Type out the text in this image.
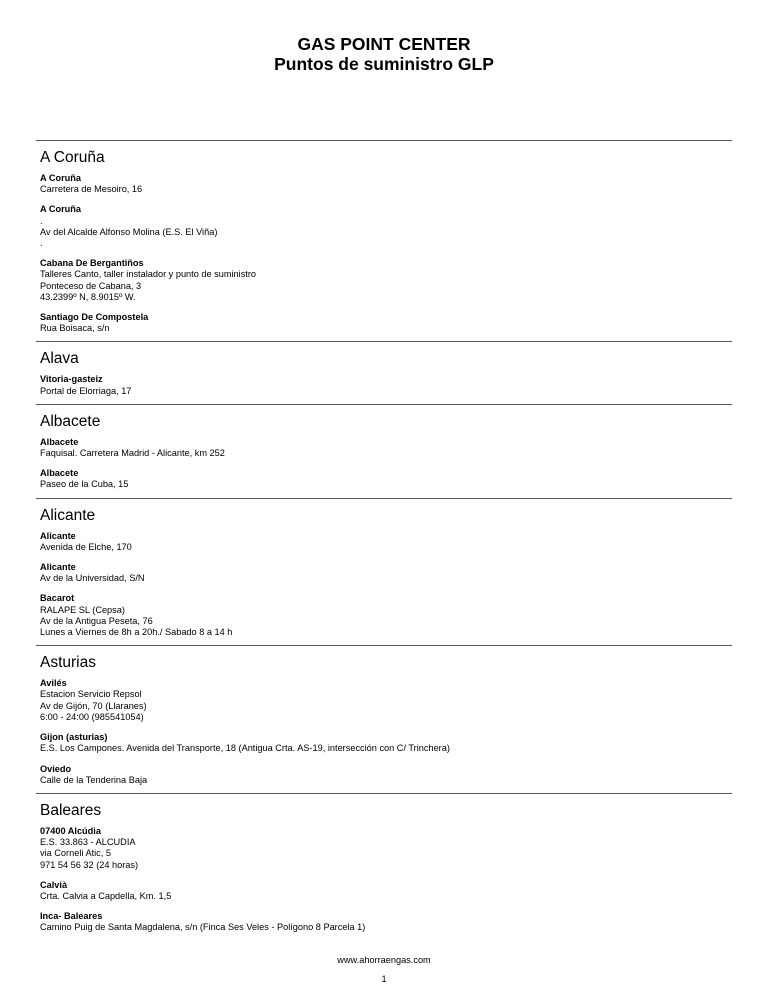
GAS POINT CENTER
Puntos de suministro GLP
A Coruña
A Coruña
Carretera de Mesoiro, 16
A Coruña
.
Av del Alcalde Alfonso Molina (E.S. El Viña)
.
Cabana De Bergantiños
Talleres Canto, taller instalador y punto de suministro
Ponteceso de Cabana, 3
43.2399º N, 8.9015º W.
Santiago De Compostela
Rua Boisaca, s/n
Alava
Vitoria-gasteiz
Portal de Elorriaga, 17
Albacete
Albacete
Faquisal. Carretera Madrid - Alicante, km 252
Albacete
Paseo de la Cuba, 15
Alicante
Alicante
Avenida de Elche, 170
Alicante
Av de la Universidad, S/N
Bacarot
RALAPE SL (Cepsa)
Av de la Antigua Peseta, 76
Lunes a Viernes de 8h a 20h./ Sabado 8 a 14 h
Asturias
Avilés
Estacion Servicio Repsol
Av de Gijón, 70 (Llaranes)
6:00 - 24:00 (985541054)
Gijon (asturias)
E.S. Los Campones. Avenida del Transporte, 18 (Antigua Crta. AS-19, intersección con C/ Trinchera)
Oviedo
Calle de la Tenderina Baja
Baleares
07400 Alcúdia
E.S. 33.863 - ALCUDIA
via Corneli Atic, 5
971 54 56 32 (24 horas)
Calvià
Crta. Calvia a Capdella, Km. 1,5
Inca- Baleares
Camino Puig de Santa Magdalena, s/n (Finca Ses Veles - Polígono 8 Parcela 1)
www.ahorraengas.com
1
